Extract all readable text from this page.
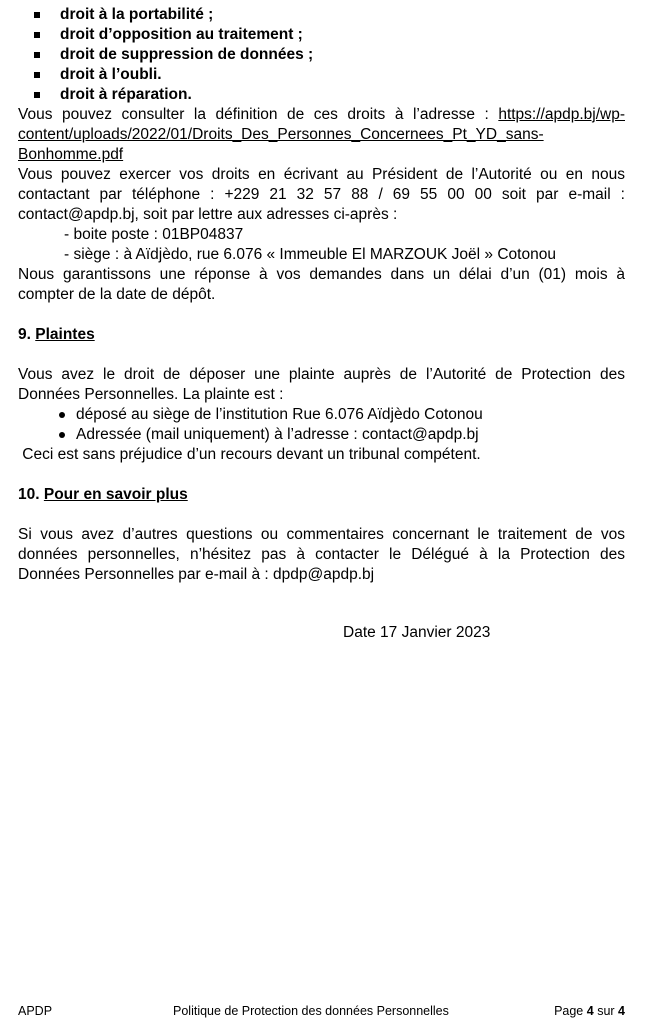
droit à la portabilité ;
droit d’opposition au traitement ;
droit de suppression de données ;
droit à l’oubli.
droit à réparation.

Vous pouvez consulter la définition de ces droits à l’adresse : https://apdp.bj/wp-content/uploads/2022/01/Droits_Des_Personnes_Concernees_Pt_YD_sans-Bonhomme.pdf

Vous pouvez exercer vos droits en écrivant au Président de l’Autorité ou en nous contactant par téléphone : +229 21 32 57 88 / 69 55 00 00 soit par e-mail : contact@apdp.bj, soit par lettre aux adresses ci-après :

- boite poste : 01BP04837
- siège : à Aïdjèdo, rue 6.076 « Immeuble El MARZOUK Joël » Cotonou

Nous garantissons une réponse à vos demandes dans un délai d’un (01) mois à compter de la date de dépôt.

9. Plaintes

Vous avez le droit de déposer une plainte auprès de l’Autorité de Protection des Données Personnelles. La plainte est :

déposé au siège de l’institution Rue 6.076 Aïdjèdo Cotonou
Adressée (mail uniquement) à l’adresse : contact@apdp.bj

Ceci est sans préjudice d’un recours devant un tribunal compétent.

10. Pour en savoir plus

Si vous avez d’autres questions ou commentaires concernant le traitement de vos données personnelles, n’hésitez pas à contacter le Délégué à la Protection des Données Personnelles par e-mail à : dpdp@apdp.bj

Date 17 Janvier 2023
APDP	Politique de Protection des données Personnelles	Page 4 sur 4
